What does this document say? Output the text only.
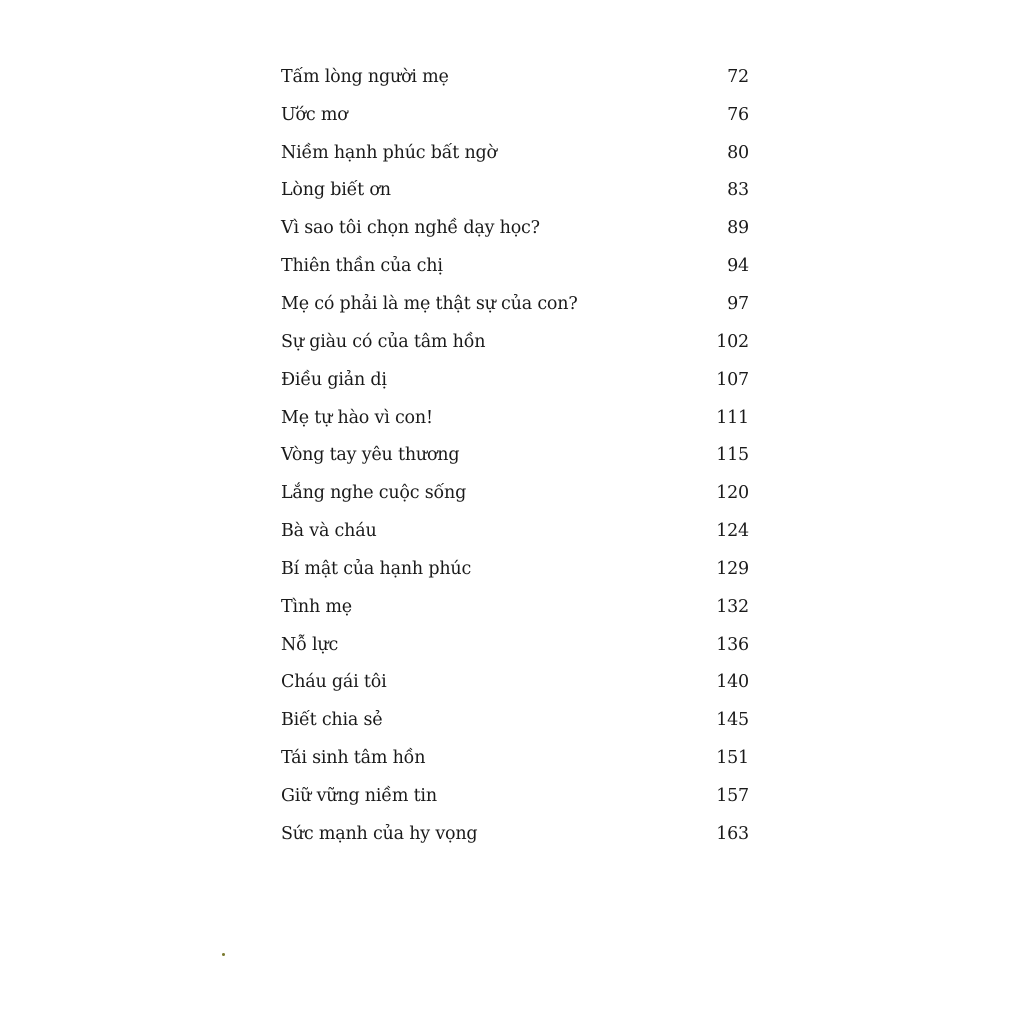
Tấm lòng người mẹ	72
Ước mơ	76
Niềm hạnh phúc bất ngờ	80
Lòng biết ơn	83
Vì sao tôi chọn nghề dạy học?	89
Thiên thần của chị	94
Mẹ có phải là mẹ thật sự của con?	97
Sự giàu có của tâm hồn	102
Điều giản dị	107
Mẹ tự hào vì con!	111
Vòng tay yêu thương	115
Lắng nghe cuộc sống	120
Bà và cháu	124
Bí mật của hạnh phúc	129
Tình mẹ	132
Nỗ lực	136
Cháu gái tôi	140
Biết chia sẻ	145
Tái sinh tâm hồn	151
Giữ vững niềm tin	157
Sức mạnh của hy vọng	163
